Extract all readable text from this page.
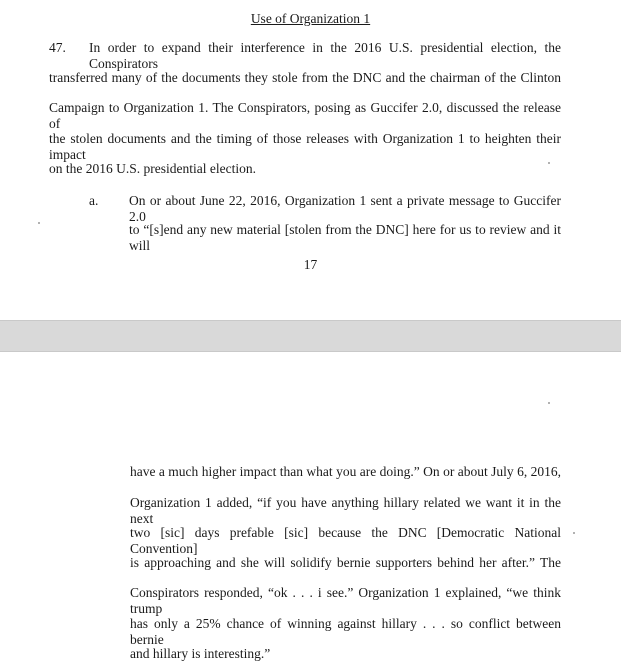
Use of Organization 1
47. In order to expand their interference in the 2016 U.S. presidential election, the Conspirators
transferred many of the documents they stole from the DNC and the chairman of the Clinton
Campaign to Organization 1. The Conspirators, posing as Guccifer 2.0, discussed the release of
the stolen documents and the timing of those releases with Organization 1 to heighten their impact
on the 2016 U.S. presidential election.
a. On or about June 22, 2016, Organization 1 sent a private message to Guccifer 2.0
to “[s]end any new material [stolen from the DNC] here for us to review and it will
17
have a much higher impact than what you are doing.” On or about July 6, 2016,
Organization 1 added, “if you have anything hillary related we want it in the next
two [sic] days prefable [sic] because the DNC [Democratic National Convention]
is approaching and she will solidify bernie supporters behind her after.” The
Conspirators responded, “ok . . . i see.” Organization 1 explained, “we think trump
has only a 25% chance of winning against hillary . . . so conflict between bernie
and hillary is interesting.”
